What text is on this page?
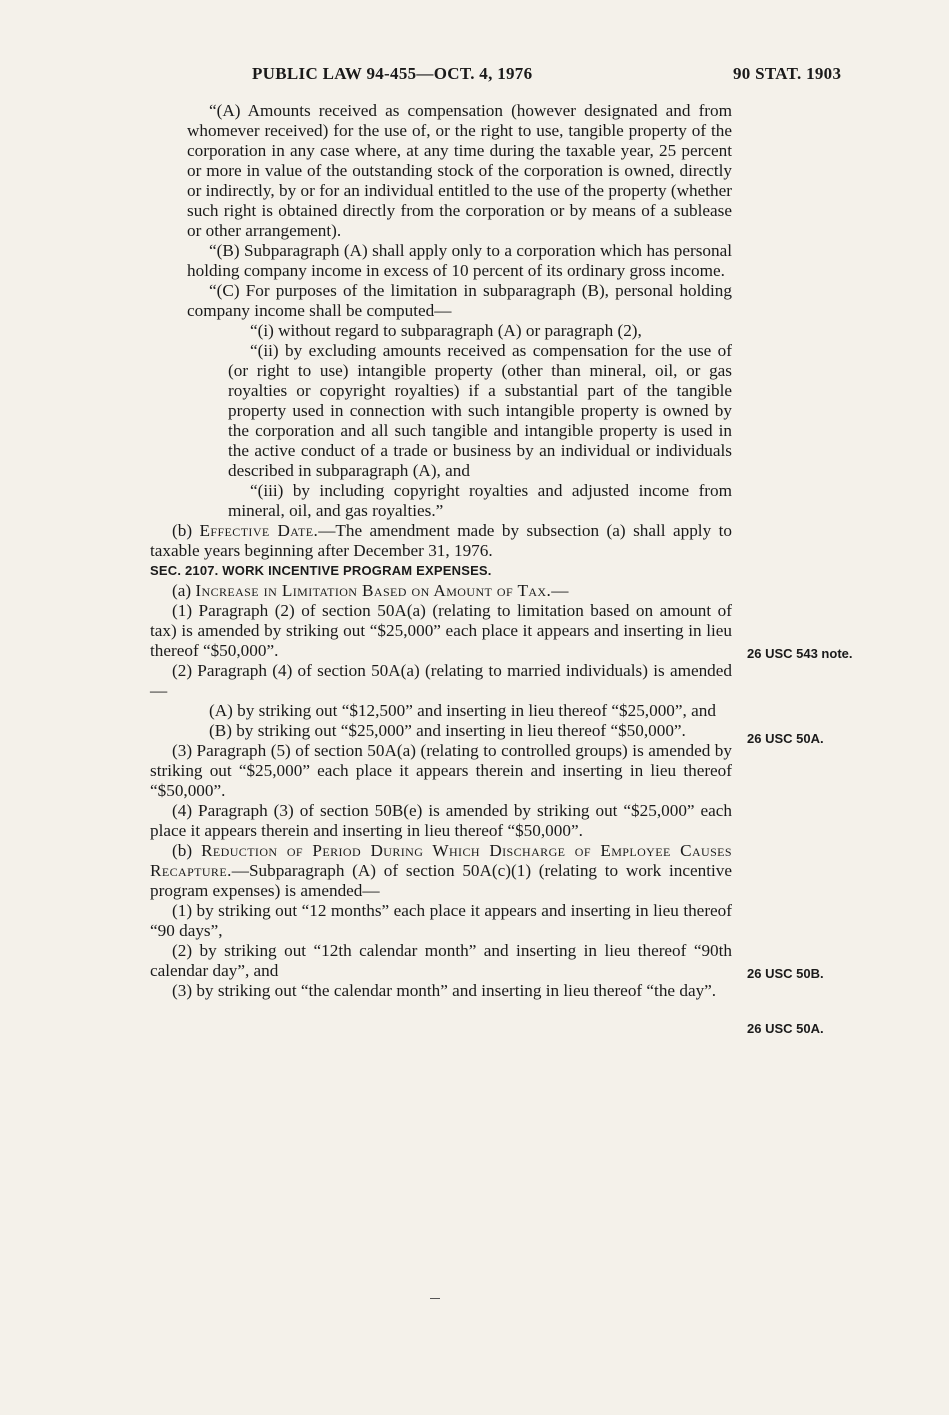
PUBLIC LAW 94-455—OCT. 4, 1976	90 STAT. 1903

“(A) Amounts received as compensation (however designated and from whomever received) for the use of, or the right to use, tangible property of the corporation in any case where, at any time during the taxable year, 25 percent or more in value of the outstanding stock of the corporation is owned, directly or indirectly, by or for an individual entitled to the use of the property (whether such right is obtained directly from the corporation or by means of a sublease or other arrangement).

“(B) Subparagraph (A) shall apply only to a corporation which has personal holding company income in excess of 10 percent of its ordinary gross income.

“(C) For purposes of the limitation in subparagraph (B), personal holding company income shall be computed—

“(i) without regard to subparagraph (A) or paragraph (2),

“(ii) by excluding amounts received as compensation for the use of (or right to use) intangible property (other than mineral, oil, or gas royalties or copyright royalties) if a substantial part of the tangible property used in connection with such intangible property is owned by the corporation and all such tangible and intangible property is used in the active conduct of a trade or business by an individual or individuals described in subparagraph (A), and

“(iii) by including copyright royalties and adjusted income from mineral, oil, and gas royalties.”

(b) Effective Date.—The amendment made by subsection (a) shall apply to taxable years beginning after December 31, 1976.

SEC. 2107. WORK INCENTIVE PROGRAM EXPENSES.

(a) Increase in Limitation Based on Amount of Tax.—

(1) Paragraph (2) of section 50A(a) (relating to limitation based on amount of tax) is amended by striking out “$25,000” each place it appears and inserting in lieu thereof “$50,000”.

(2) Paragraph (4) of section 50A(a) (relating to married individuals) is amended—

(A) by striking out “$12,500” and inserting in lieu thereof “$25,000”, and

(B) by striking out “$25,000” and inserting in lieu thereof “$50,000”.

(3) Paragraph (5) of section 50A(a) (relating to controlled groups) is amended by striking out “$25,000” each place it appears therein and inserting in lieu thereof “$50,000”.

(4) Paragraph (3) of section 50B(e) is amended by striking out “$25,000” each place it appears therein and inserting in lieu thereof “$50,000”.

(b) Reduction of Period During Which Discharge of Employee Causes Recapture.—Subparagraph (A) of section 50A(c)(1) (relating to work incentive program expenses) is amended—

(1) by striking out “12 months” each place it appears and inserting in lieu thereof “90 days”,

(2) by striking out “12th calendar month” and inserting in lieu thereof “90th calendar day”, and

(3) by striking out “the calendar month” and inserting in lieu thereof “the day”.

26 USC 543 note.
26 USC 50A.
26 USC 50B.
26 USC 50A.
